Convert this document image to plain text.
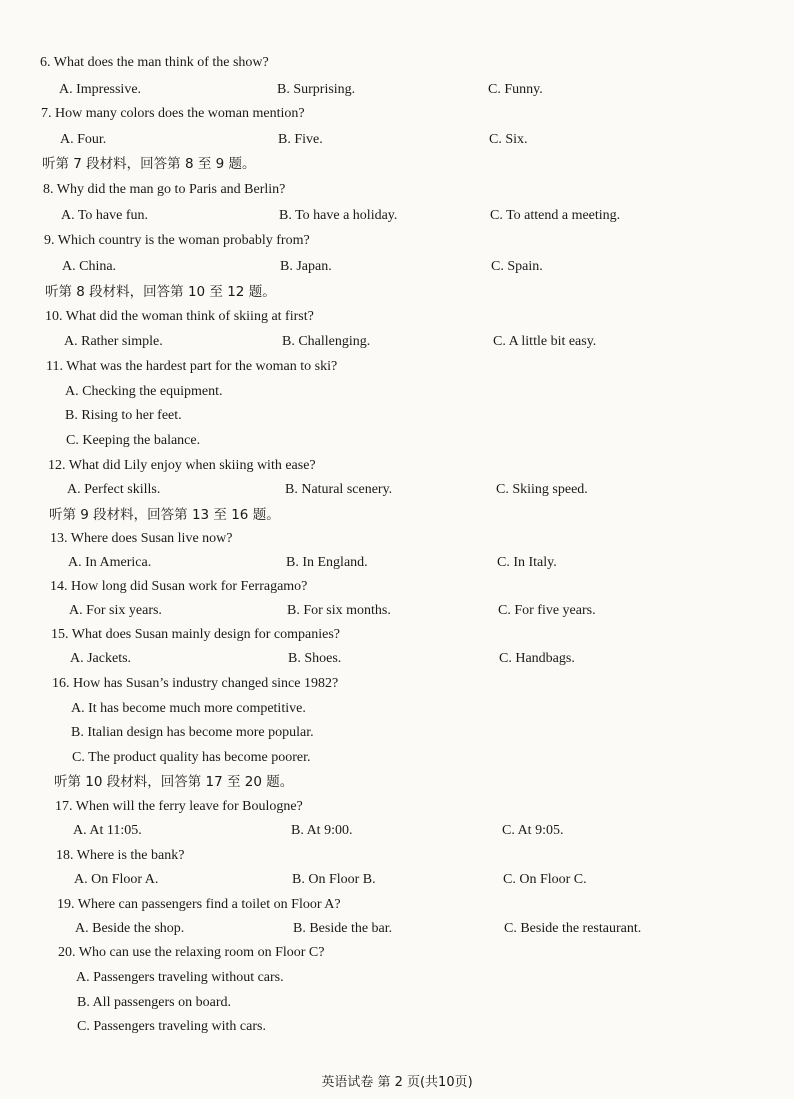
6. What does the man think of the show?
A. Impressive.	B. Surprising.	C. Funny.
7. How many colors does the woman mention?
A. Four.	B. Five.	C. Six.
听第 7 段材料，回答第 8 至 9 题。
8. Why did the man go to Paris and Berlin?
A. To have fun.	B. To have a holiday.	C. To attend a meeting.
9. Which country is the woman probably from?
A. China.	B. Japan.	C. Spain.
听第 8 段材料，回答第 10 至 12 题。
10. What did the woman think of skiing at first?
A. Rather simple.	B. Challenging.	C. A little bit easy.
11. What was the hardest part for the woman to ski?
A. Checking the equipment.
B. Rising to her feet.
C. Keeping the balance.
12. What did Lily enjoy when skiing with ease?
A. Perfect skills.	B. Natural scenery.	C. Skiing speed.
听第 9 段材料，回答第 13 至 16 题。
13. Where does Susan live now?
A. In America.	B. In England.	C. In Italy.
14. How long did Susan work for Ferragamo?
A. For six years.	B. For six months.	C. For five years.
15. What does Susan mainly design for companies?
A. Jackets.	B. Shoes.	C. Handbags.
16. How has Susan’s industry changed since 1982?
A. It has become much more competitive.
B. Italian design has become more popular.
C. The product quality has become poorer.
听第 10 段材料，回答第 17 至 20 题。
17. When will the ferry leave for Boulogne?
A. At 11:05.	B. At 9:00.	C. At 9:05.
18. Where is the bank?
A. On Floor A.	B. On Floor B.	C. On Floor C.
19. Where can passengers find a toilet on Floor A?
A. Beside the shop.	B. Beside the bar.	C. Beside the restaurant.
20. Who can use the relaxing room on Floor C?
A. Passengers traveling without cars.
B. All passengers on board.
C. Passengers traveling with cars.
英语试卷 第 2 页(共10页)
